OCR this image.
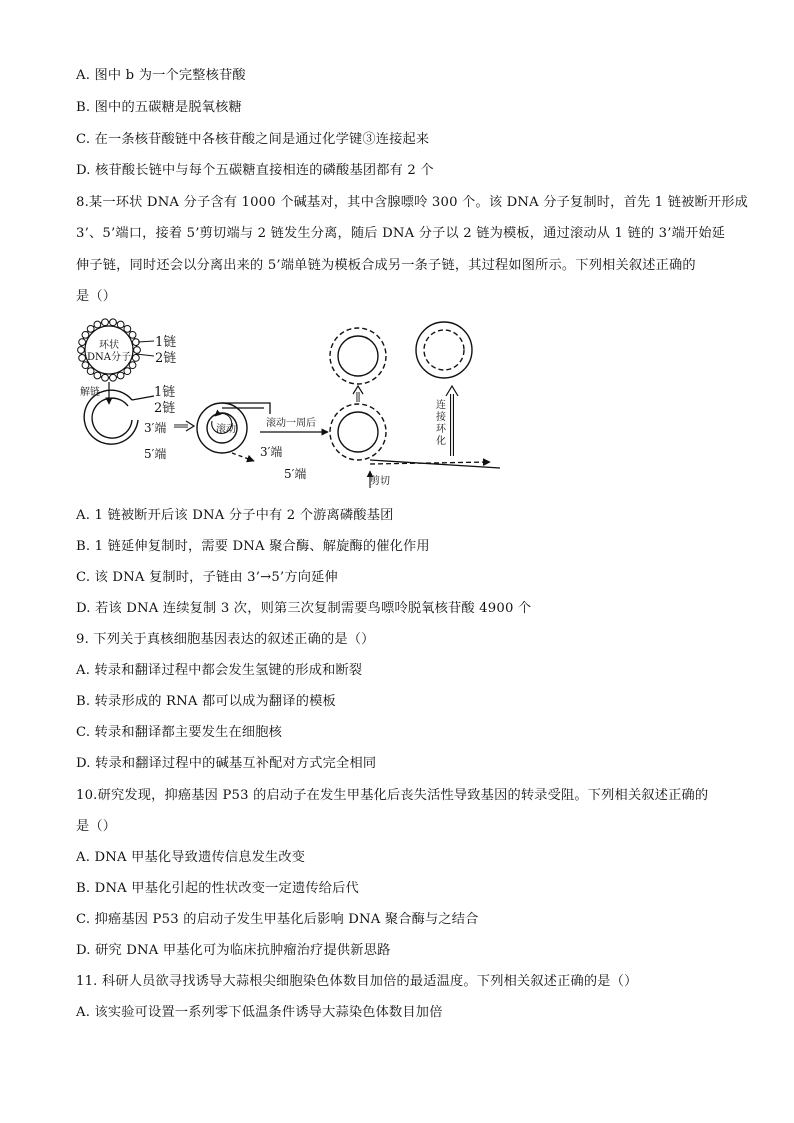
A. 图中 b 为一个完整核苷酸
B. 图中的五碳糖是脱氧核糖
C. 在一条核苷酸链中各核苷酸之间是通过化学键③连接起来
D. 核苷酸长链中与每个五碳糖直接相连的磷酸基团都有 2 个
8.某一环状 DNA 分子含有 1000 个碱基对，其中含腺嘌呤 300 个。该 DNA 分子复制时，首先 1 链被断开形成
3’、5’端口，接着 5’剪切端与 2 链发生分离，随后 DNA 分子以 2 链为模板，通过滚动从 1 链的 3’端开始延
伸子链，同时还会以分离出来的 5’端单链为模板合成另一条子链，其过程如图所示。下列相关叙述正确的
是（）
环状
DNA分子
1链
2链
解链	1链
2链
3′端
5′端
滚动
3′端
5′端
滚动一周后
剪切
连 接 环 化
A. 1 链被断开后该 DNA 分子中有 2 个游离磷酸基团
B. 1 链延伸复制时，需要 DNA 聚合酶、解旋酶的催化作用
C. 该 DNA 复制时，子链由 3’→5’方向延伸
D. 若该 DNA 连续复制 3 次，则第三次复制需要鸟嘌呤脱氧核苷酸 4900 个
9. 下列关于真核细胞基因表达的叙述正确的是（）
A. 转录和翻译过程中都会发生氢键的形成和断裂
B. 转录形成的 RNA 都可以成为翻译的模板
C. 转录和翻译都主要发生在细胞核
D. 转录和翻译过程中的碱基互补配对方式完全相同
10.研究发现，抑癌基因 P53 的启动子在发生甲基化后丧失活性导致基因的转录受阻。下列相关叙述正确的
是（）
A. DNA 甲基化导致遗传信息发生改变
B. DNA 甲基化引起的性状改变一定遗传给后代
C. 抑癌基因 P53 的启动子发生甲基化后影响 DNA 聚合酶与之结合
D. 研究 DNA 甲基化可为临床抗肿瘤治疗提供新思路
11. 科研人员欲寻找诱导大蒜根尖细胞染色体数目加倍的最适温度。下列相关叙述正确的是（）
A. 该实验可设置一系列零下低温条件诱导大蒜染色体数目加倍
